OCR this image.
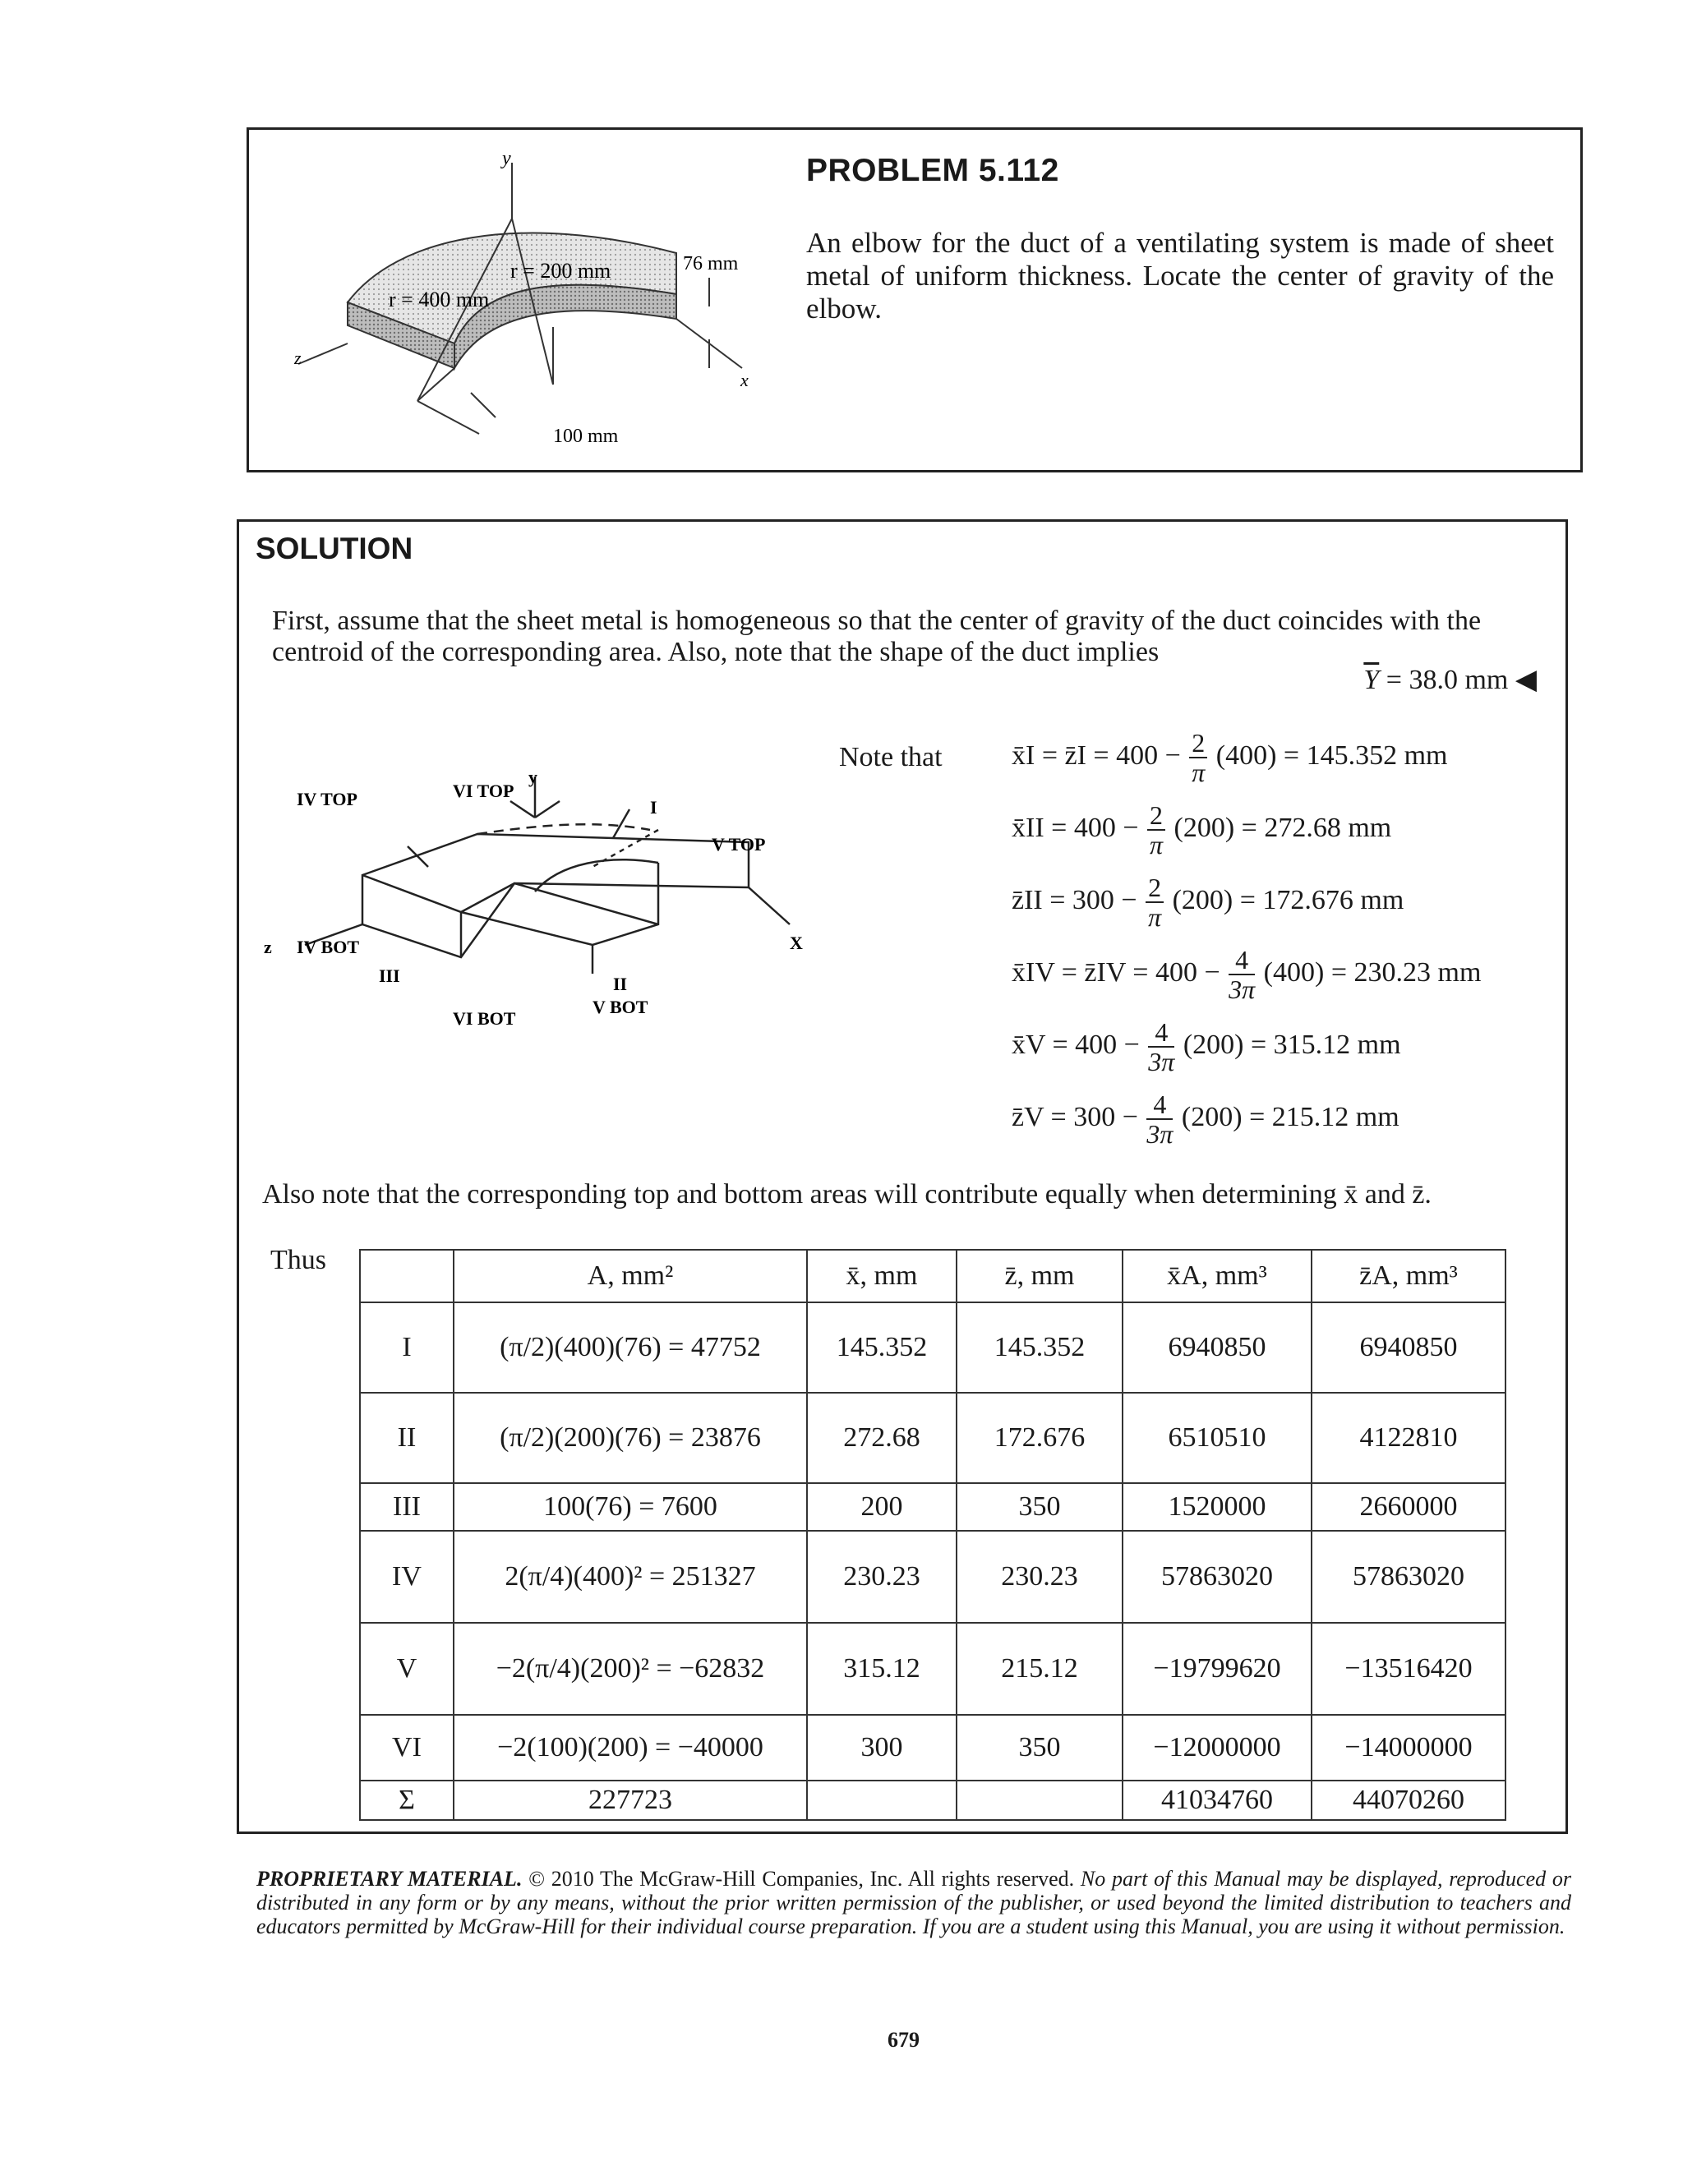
y
z
x
r = 400 mm
r = 200 mm	76 mm
100 mm
PROBLEM 5.112
An elbow for the duct of a ventilating system is made of sheet metal of uniform thickness. Locate the center of gravity of the elbow.
SOLUTION
First, assume that the sheet metal is homogeneous so that the center of gravity of the duct coincides with the centroid of the corresponding area. Also, note that the shape of the duct implies
$\overline{Y} = 38.0$ mm ◀
IV TOP	VI TOP
y
I
V TOP
z IV BOT
III	II
V BOT
VI BOT
X
Note that x̄I = z̄I = $400 - \frac{2}{\pi} (400) = 145.352$ mm
x̄II = $400 - \frac{2}{\pi} (200) = 272.68$ mm
z̄II = $300 - \frac{2}{\pi} (200) = 172.676$ mm
x̄IV = z̄IV = $400 - \frac{4}{3\pi} (400) = 230.23$ mm
x̄V = $400 - \frac{4}{3\pi} (200) = 315.12$ mm
z̄V = $300 - \frac{4}{3\pi} (200) = 215.12$ mm
Also note that the corresponding top and bottom areas will contribute equally when determining x̄ and z̄.
Thus
	A, mm²	x̄, mm	z̄, mm	x̄A, mm³	z̄A, mm³
I	(π/2)(400)(76) = 47752	145.352	145.352	6940850	6940850
II	(π/2)(200)(76) = 23876	272.68	172.676	6510510	4122810
III	100(76) = 7600	200	350	1520000	2660000
IV	2(π/4)(400)² = 251327	230.23	230.23	57863020	57863020
V	−2(π/4)(200)² = −62832	315.12	215.12	−19799620	−13516420
VI	−2(100)(200) = −40000	300	350	−12000000	−14000000
Σ	227723			41034760	44070260
PROPRIETARY MATERIAL. © 2010 The McGraw-Hill Companies, Inc. All rights reserved. No part of this Manual may be displayed, reproduced or distributed in any form or by any means, without the prior written permission of the publisher, or used beyond the limited distribution to teachers and educators permitted by McGraw-Hill for their individual course preparation. If you are a student using this Manual, you are using it without permission.
679
